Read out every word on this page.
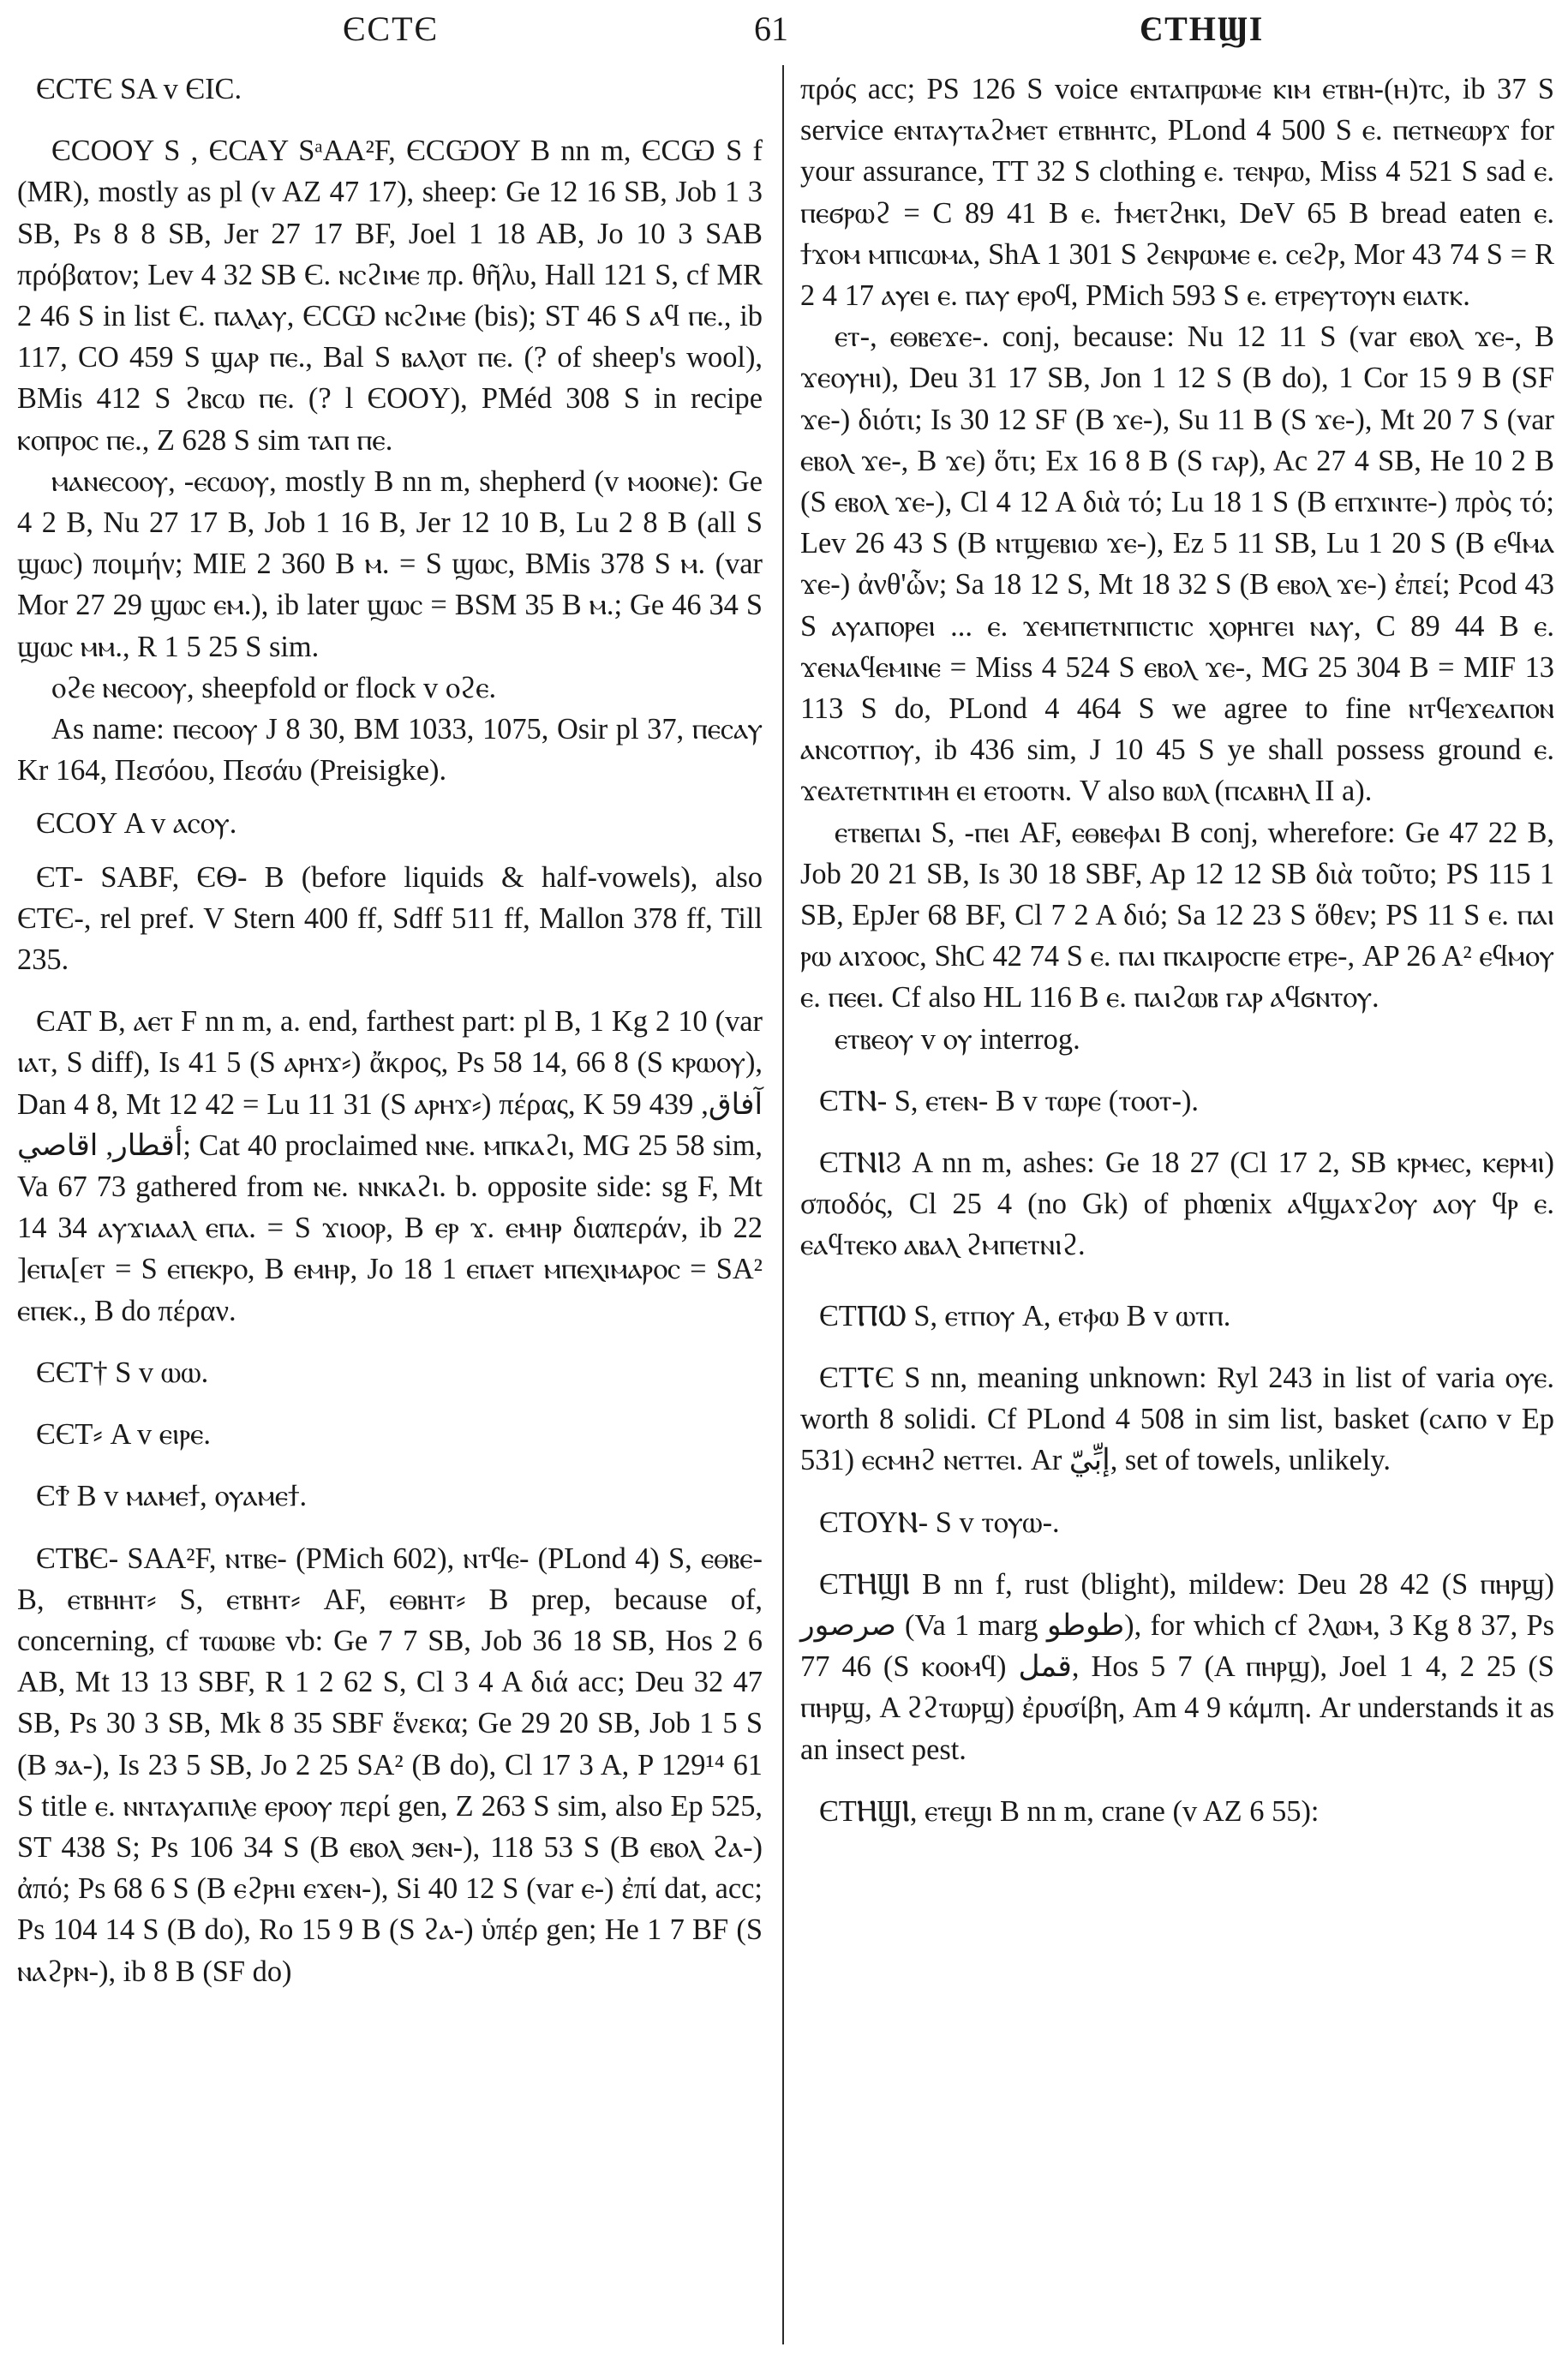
ЄСТЄ	61	ЄТНϢІ

ЄСТЄ SA v ЄІС.

ЄСООΥ S , ЄСАΥ SᵃAA²F, ЄСѠΟΥ B nn m, ЄСѠ S f (MR), mostly as pl (v AZ 47 17), sheep: Ge 12 16 SB, Job 1 3 SB, Ps 8 8 SB, Jer 27 17 BF, Joel 1 18 AB, Jo 10 3 SAB πρόβατον; Lev 4 32 SB Є. ⲛⲥϩⲓⲙⲉ πρ. θῆλυ, Hall 121 S, cf MR 2 46 S in list Є. ⲡⲁⲗⲁⲩ, ЄСѠ ⲛⲥϩⲓⲙⲉ (bis); ST 46 S ⲁϥ ⲡⲉ., ib 117, CO 459 S ϣⲁⲣ ⲡⲉ., Bal S ⲃⲁⲗⲟⲧ ⲡⲉ. (? of sheep's wool), BMis 412 S ϩⲃⲥⲱ ⲡⲉ. (? l ЄООΥ), PMéd 308 S in recipe ⲕⲟⲡⲣⲟⲥ ⲡⲉ., Z 628 S sim ⲧⲁⲡ ⲡⲉ.

ⲙⲁⲛⲉⲥⲟⲟⲩ, -ⲉⲥⲱⲟⲩ, mostly B nn m, shepherd (v ⲙⲟⲟⲛⲉ): Ge 4 2 B, Nu 27 17 B, Job 1 16 B, Jer 12 10 B, Lu 2 8 B (all S ϣⲱⲥ) ποιμήν; MIE 2 360 B ⲙ. = S ϣⲱⲥ, BMis 378 S ⲙ. (var Mor 27 29 ϣⲱⲥ ⲉⲙ.), ib later ϣⲱⲥ = BSM 35 B ⲙ.; Ge 46 34 S ϣⲱⲥ ⲙⲙ., R 1 5 25 S sim.

ⲟϩⲉ ⲛⲉⲥⲟⲟⲩ, sheepfold or flock v ⲟϩⲉ.

As name: ⲡⲉⲥⲟⲟⲩ J 8 30, BM 1033, 1075, Osir pl 37, ⲡⲉⲥⲁⲩ Kr 164, Πεσόου, Πεσάυ (Preisigke).

ЄСОΥ A v ⲁⲥⲟⲩ.

ЄТ- SABF, ЄѲ- B (before liquids & half-vowels), also ЄТЄ-, rel pref. V Stern 400 ff, Sdff 511 ff, Mallon 378 ff, Till 235.

ЄΑΤ B, ⲁⲉⲧ F nn m, a. end, farthest part: pl B, 1 Kg 2 10 (var ⲓⲁⲧ, S diff), Is 41 5 (S ⲁⲣⲏϫ⸗) ἄκρος, Ps 58 14, 66 8 (S ⲕⲣⲱⲟⲩ), Dan 4 8, Mt 12 42 = Lu 11 31 (S ⲁⲣⲏϫ⸗) πέρας, K 59 آفاق, 439 أقطار, اقاصي; Cat 40 proclaimed ⲛⲛⲉ. ⲙⲡⲕⲁϩⲓ, MG 25 58 sim, Va 67 73 gathered from ⲛⲉ. ⲛⲛⲕⲁϩⲓ. b. opposite side: sg F, Mt 14 34 ⲁⲩϫⲓⲁⲁⲗ ⲉⲡⲁ. = S ϫⲓⲟⲟⲣ, B ⲉⲣ ϫ. ⲉⲙⲏⲣ διαπεράν, ib 22 ]ⲉⲡⲁ[ⲉⲧ = S ⲉⲡⲉⲕⲣⲟ, B ⲉⲙⲏⲣ, Jo 18 1 ⲉⲡⲁⲉⲧ ⲙⲡⲉⲭⲓⲙⲁⲣⲟⲥ = SA² ⲉⲡⲉⲕ., B do πέραν.

ЄЄТ† S v ⲱⲱ.

ЄЄТ⸗ A v ⲉⲓⲣⲉ.

ЄϮ B v ⲙⲁⲙⲉϯ, ⲟⲩⲁⲙⲉϯ.

ЄТⲂЄ- SAA²F, ⲛⲧⲃⲉ- (PMich 602), ⲛⲧϥⲉ- (PLond 4) S, ⲉⲑⲃⲉ- B, ⲉⲧⲃⲏⲏⲧ⸗ S, ⲉⲧⲃⲏⲧ⸗ AF, ⲉⲑⲃⲏⲧ⸗ B prep, because of, concerning, cf ⲧⲱⲱⲃⲉ vb: Ge 7 7 SB, Job 36 18 SB, Hos 2 6 AB, Mt 13 13 SBF, R 1 2 62 S, Cl 3 4 A διά acc; Deu 32 47 SB, Ps 30 3 SB, Mk 8 35 SBF ἕνεκα; Ge 29 20 SB, Job 1 5 S (B ϧⲁ-), Is 23 5 SB, Jo 2 25 SA² (B do), Cl 17 3 A, P 129¹⁴ 61 S title ⲉ. ⲛⲛⲧⲁⲩⲁⲡⲓⲗⲉ ⲉⲣⲟⲟⲩ περί gen, Z 263 S sim, also Ep 525, ST 438 S; Ps 106 34 S (B ⲉⲃⲟⲗ ϧⲉⲛ-), 118 53 S (B ⲉⲃⲟⲗ ϩⲁ-) ἀπό; Ps 68 6 S (B ⲉϩⲣⲏⲓ ⲉϫⲉⲛ-), Si 40 12 S (var ⲉ-) ἐπί dat, acc; Ps 104 14 S (B do), Ro 15 9 B (S ϩⲁ-) ὑπέρ gen; He 1 7 BF (S ⲛⲁϩⲣⲛ-), ib 8 B (SF do)

πρός acc; PS 126 S voice ⲉⲛⲧⲁⲡⲣⲱⲙⲉ ⲕⲓⲙ ⲉⲧⲃⲏ-(ⲏ)ⲧⲥ, ib 37 S service ⲉⲛⲧⲁⲩⲧⲁϩⲙⲉⲧ ⲉⲧⲃⲏⲏⲧⲥ, PLond 4 500 S ⲉ. ⲡⲉⲧⲛⲉⲱⲣϫ for your assurance, TT 32 S clothing ⲉ. ⲧⲉⲛⲣⲱ, Miss 4 521 S sad ⲉ. ⲡⲉϭⲣⲱϩ = C 89 41 B ⲉ. ϯⲙⲉⲧϩⲏⲕⲓ, DeV 65 B bread eaten ⲉ. ϯϫⲟⲙ ⲙⲡⲓⲥⲱⲙⲁ, ShA 1 301 S ϩⲉⲛⲣⲱⲙⲉ ⲉ. ⲥⲉϩⲣ, Mor 43 74 S = R 2 4 17 ⲁⲩⲉⲓ ⲉ. ⲡⲁⲩ ⲉⲣⲟϥ, PMich 593 S ⲉ. ⲉⲧⲣⲉⲩⲧⲟⲩⲛ ⲉⲓⲁⲧⲕ.

ⲉⲧ-, ⲉⲑⲃⲉϫⲉ-. conj, because: Nu 12 11 S (var ⲉⲃⲟⲗ ϫⲉ-, B ϫⲉⲟⲩⲏⲓ), Deu 31 17 SB, Jon 1 12 S (B do), 1 Cor 15 9 B (SF ϫⲉ-) διότι; Is 30 12 SF (B ϫⲉ-), Su 11 B (S ϫⲉ-), Mt 20 7 S (var ⲉⲃⲟⲗ ϫⲉ-, B ϫⲉ) ὅτι; Ex 16 8 B (S ⲅⲁⲣ), Ac 27 4 SB, He 10 2 B (S ⲉⲃⲟⲗ ϫⲉ-), Cl 4 12 A διὰ τό; Lu 18 1 S (B ⲉⲡϫⲓⲛⲧⲉ-) πρὸς τό; Lev 26 43 S (B ⲛⲧϣⲉⲃⲓⲱ ϫⲉ-), Ez 5 11 SB, Lu 1 20 S (B ⲉϥⲙⲁ ϫⲉ-) ἀνθ'ὧν; Sa 18 12 S, Mt 18 32 S (B ⲉⲃⲟⲗ ϫⲉ-) ἐπεί; Pcod 43 S ⲁⲩⲁⲡⲟⲣⲉⲓ ... ⲉ. ϫⲉⲙⲡⲉⲧⲛⲡⲓⲥⲧⲓⲥ ⲭⲟⲣⲏⲅⲉⲓ ⲛⲁⲩ, C 89 44 B ⲉ. ϫⲉⲛⲁϥⲉⲙⲓⲛⲉ = Miss 4 524 S ⲉⲃⲟⲗ ϫⲉ-, MG 25 304 B = MIF 13 113 S do, PLond 4 464 S we agree to fine ⲛⲧϥⲉϫⲉⲁⲡⲟⲛ ⲁⲛⲥⲟⲧⲡⲟⲩ, ib 436 sim, J 10 45 S ye shall possess ground ⲉ. ϫⲉⲁⲧⲉⲧⲛⲧⲓⲙⲏ ⲉⲓ ⲉⲧⲟⲟⲧⲛ. V also ⲃⲱⲗ (ⲡⲥⲁⲃⲏⲗ II a).

ⲉⲧⲃⲉⲡⲁⲓ S, -ⲡⲉⲓ AF, ⲉⲑⲃⲉⲫⲁⲓ B conj, wherefore: Ge 47 22 B, Job 20 21 SB, Is 30 18 SBF, Ap 12 12 SB διὰ τοῦτο; PS 115 1 SB, EpJer 68 BF, Cl 7 2 A διό; Sa 12 23 S ὅθεν; PS 11 S ⲉ. ⲡⲁⲓ ⲣⲱ ⲁⲓϫⲟⲟⲥ, ShC 42 74 S ⲉ. ⲡⲁⲓ ⲡⲕⲁⲓⲣⲟⲥⲡⲉ ⲉⲧⲣⲉ-, AP 26 A² ⲉϥⲙⲟⲩ ⲉ. ⲡⲉⲉⲓ. Cf also HL 116 B ⲉ. ⲡⲁⲓϩⲱⲃ ⲅⲁⲣ ⲁϥϭⲛⲧⲟⲩ.

ⲉⲧⲃⲉⲟⲩ v ⲟⲩ interrog.

ЄТⲚ- S, ⲉⲧⲉⲛ- B v ⲧⲱⲣⲉ (ⲧⲟⲟⲧ-).

ЄТⲚⲒϨ A nn m, ashes: Ge 18 27 (Cl 17 2, SB ⲕⲣⲙⲉⲥ, ⲕⲉⲣⲙⲓ) σποδός, Cl 25 4 (no Gk) of phœnix ⲁϥϣⲁϫϩⲟⲩ ⲁⲟⲩ ϥⲣ ⲉ. ⲉⲁϥⲧⲉⲕⲟ ⲁⲃⲁⲗ ϩⲙⲡⲉⲧⲛⲓϩ.

ЄТⲠⲰ S, ⲉⲧⲡⲟⲩ A, ⲉⲧⲫⲱ B v ⲱⲧⲡ.

ЄТⲦЄ S nn, meaning unknown: Ryl 243 in list of varia ⲟⲩⲉ. worth 8 solidi. Cf PLond 4 508 in sim list, basket (ⲥⲁⲡⲟ v Ep 531) ⲉⲥⲙⲏϩ ⲛⲉⲧⲧⲉⲓ. Ar إبِّيّ, set of towels, unlikely.

ЄТΟΥⲚ- S v ⲧⲟⲩⲱ-.

ЄТⲎϢⲒ B nn f, rust (blight), mildew: Deu 28 42 (S ⲡⲏⲣϣ) صرصور (Va 1 marg طوطو), for which cf ϩⲗⲱⲙ, 3 Kg 8 37, Ps 77 46 (S ⲕⲟⲟⲙϥ) قمل, Hos 5 7 (A ⲡⲏⲣϣ), Joel 1 4, 2 25 (S ⲡⲏⲣϣ, A ϩϩⲧⲱⲣϣ) ἐρυσίβη, Am 4 9 κάμπη. Ar understands it as an insect pest.

ЄТⲎϢⲒ, ⲉⲧⲉϣⲓ B nn m, crane (v AZ 6 55):
